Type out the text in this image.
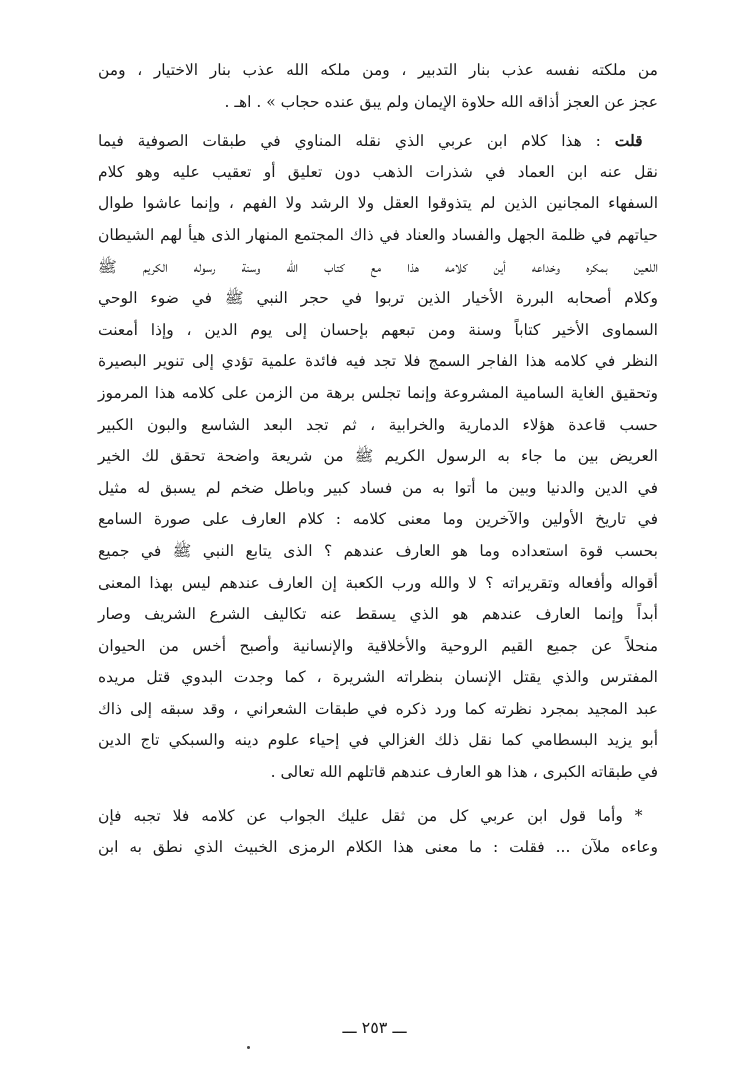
من ملكته نفسه عذب بنار التدبير ، ومن ملكه الله عذب بنار الاختيار ، ومن
عجز عن العجز أذاقه الله حلاوة الإيمان ولم يبق عنده حجاب » . اهـ .
 قلت : هذا كلام ابن عربي الذي نقله المناوي في طبقات الصوفية فيما
نقل عنه ابن العماد في شذرات الذهب دون تعليق أو تعقيب عليه وهو كلام
السفهاء المجانين الذين لم يتذوقوا العقل ولا الرشد ولا الفهم ، وإنما عاشوا طوال
حياتهم في ظلمة الجهل والفساد والعناد في ذاك المجتمع المنهار الذى هيأ لهم الشيطان
اللعين بمكره وخداعه أين كلامه هذا مع كتاب الله وسنة رسوله الكريم ﷺ
وكلام أصحابه البررة الأخيار الذين تربوا في حجر النبي ﷺ في ضوء الوحي
السماوى الأخير كتاباً وسنة ومن تبعهم بإحسان إلى يوم الدين ، وإذا أمعنت
النظر في كلامه هذا الفاجر السمج فلا تجد فيه فائدة علمية تؤدي إلى تنوير البصيرة
وتحقيق الغاية السامية المشروعة وإنما تجلس برهة من الزمن على كلامه هذا المرموز
حسب قاعدة هؤلاء الدمارية والخرابية ، ثم تجد البعد الشاسع والبون الكبير
العريض بين ما جاء به الرسول الكريم ﷺ من شريعة واضحة تحقق لك الخير
في الدين والدنيا وبين ما أتوا به من فساد كبير وباطل ضخم لم يسبق له مثيل
في تاريخ الأولين والآخرين وما معنى كلامه : كلام العارف على صورة السامع
بحسب قوة استعداده وما هو العارف عندهم ؟ الذى يتابع النبي ﷺ في جميع
أقواله وأفعاله وتقريراته ؟ لا والله ورب الكعبة إن العارف عندهم ليس بهذا المعنى
أبداً وإنما العارف عندهم هو الذي يسقط عنه تكاليف الشرع الشريف وصار
منحلاً عن جميع القيم الروحية والأخلاقية والإنسانية وأصبح أخس من الحيوان
المفترس والذي يقتل الإنسان بنظراته الشريرة ، كما وجدت البدوي قتل مريده
عبد المجيد بمجرد نظرته كما ورد ذكره في طبقات الشعراني ، وقد سبقه إلى ذاك
أبو يزيد البسطامي كما نقل ذلك الغزالي في إحياء علوم دينه والسبكي تاج الدين
في طبقاته الكبرى ، هذا هو العارف عندهم قاتلهم الله تعالى .
 * وأما قول ابن عربي كل من ثقل عليك الجواب عن كلامه فلا تجبه فإن
وعاءه ملآن ... فقلت : ما معنى هذا الكلام الرمزى الخبيث الذي نطق به ابن
ـــ ٢٥٣ ـــ
